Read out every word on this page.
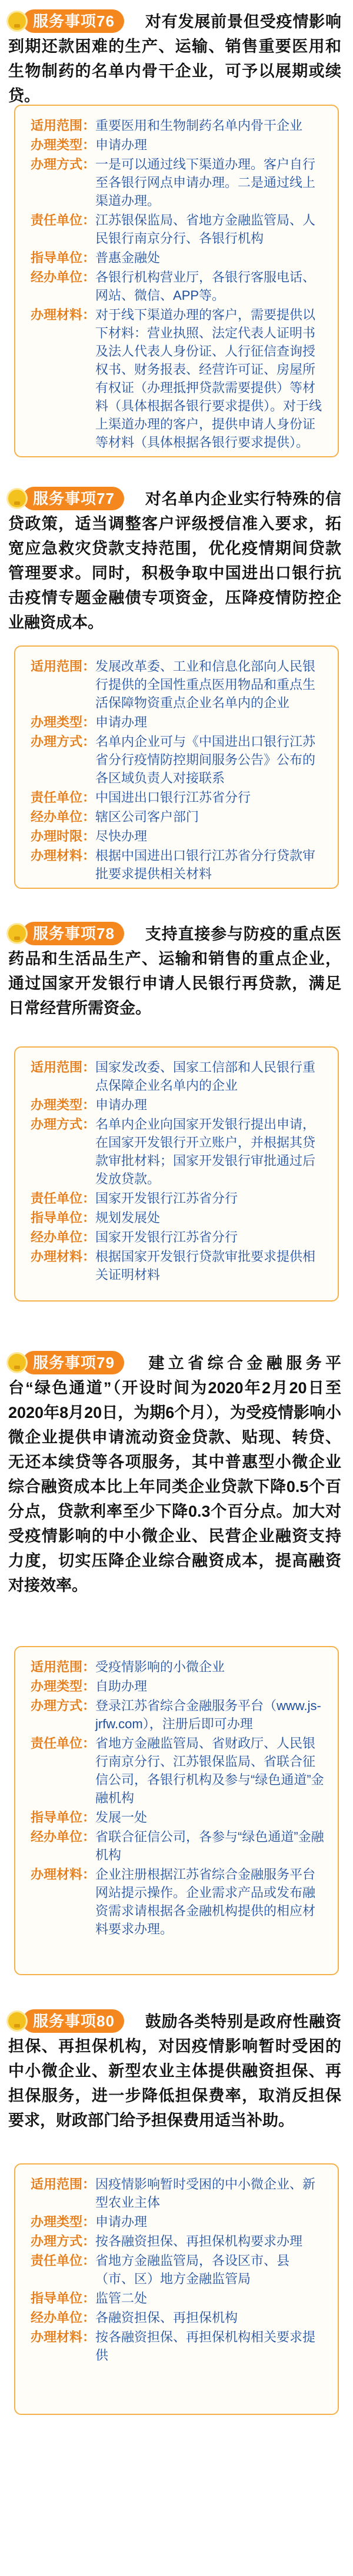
服务事项76	对有发展前景但受疫情影响到期还款困难的生产、运输、销售重要医用和生物制药的名单内骨干企业，可予以展期或续贷。
适用范围： 重要医用和生物制药名单内骨干企业
办理类型： 申请办理
办理方式： 一是可以通过线下渠道办理。客户自行至各银行网点申请办理。二是通过线上渠道办理。
责任单位： 江苏银保监局、省地方金融监管局、人民银行南京分行、各银行机构
指导单位： 普惠金融处
经办单位： 各银行机构营业厅，各银行客服电话、网站、微信、APP等。
办理材料： 对于线下渠道办理的客户，需要提供以下材料：营业执照、法定代表人证明书及法人代表人身份证、人行征信查询授权书、财务报表、经营许可证、房屋所有权证（办理抵押贷款需要提供）等材料（具体根据各银行要求提供）。对于线上渠道办理的客户，提供申请人身份证等材料（具体根据各银行要求提供）。
服务事项77	对名单内企业实行特殊的信贷政策，适当调整客户评级授信准入要求，拓宽应急救灾贷款支持范围，优化疫情期间贷款管理要求。同时，积极争取中国进出口银行抗击疫情专题金融债专项资金，压降疫情防控企业融资成本。
适用范围： 发展改革委、工业和信息化部向人民银行提供的全国性重点医用物品和重点生活保障物资重点企业名单内的企业
办理类型： 申请办理
办理方式： 名单内企业可与《中国进出口银行江苏省分行疫情防控期间服务公告》公布的各区域负责人对接联系
责任单位： 中国进出口银行江苏省分行
经办单位： 辖区公司客户部门
办理时限： 尽快办理
办理材料： 根据中国进出口银行江苏省分行贷款审批要求提供相关材料
服务事项78	支持直接参与防疫的重点医药品和生活品生产、运输和销售的重点企业，通过国家开发银行申请人民银行再贷款，满足日常经营所需资金。
适用范围： 国家发改委、国家工信部和人民银行重点保障企业名单内的企业
办理类型： 申请办理
办理方式： 名单内企业向国家开发银行提出申请，在国家开发银行开立账户，并根据其贷款审批材料；国家开发银行审批通过后发放贷款。
责任单位： 国家开发银行江苏省分行
指导单位： 规划发展处
经办单位： 国家开发银行江苏省分行
办理材料： 根据国家开发银行贷款审批要求提供相关证明材料
服务事项79	建立省综合金融服务平台“绿色通道”（开设时间为2020年2月20日至2020年8月20日，为期6个月），为受疫情影响小微企业提供申请流动资金贷款、贴现、转贷、无还本续贷等各项服务，其中普惠型小微企业综合融资成本比上年同类企业贷款下降0.5个百分点，贷款利率至少下降0.3个百分点。加大对受疫情影响的中小微企业、民营企业融资支持力度，切实压降企业综合融资成本，提高融资对接效率。
适用范围： 受疫情影响的小微企业
办理类型： 自助办理
办理方式： 登录江苏省综合金融服务平台（www.js-jrfw.com），注册后即可办理
责任单位： 省地方金融监管局、省财政厅、人民银行南京分行、江苏银保监局、省联合征信公司，各银行机构及参与“绿色通道”金融机构
指导单位： 发展一处
经办单位： 省联合征信公司，各参与“绿色通道”金融机构
办理材料： 企业注册根据江苏省综合金融服务平台网站提示操作。企业需求产品或发布融资需求请根据各金融机构提供的相应材料要求办理。
服务事项80	鼓励各类特别是政府性融资担保、再担保机构，对因疫情影响暂时受困的中小微企业、新型农业主体提供融资担保、再担保服务，进一步降低担保费率，取消反担保要求，财政部门给予担保费用适当补助。
适用范围： 因疫情影响暂时受困的中小微企业、新型农业主体
办理类型： 申请办理
办理方式： 按各融资担保、再担保机构要求办理
责任单位： 省地方金融监管局，各设区市、县（市、区）地方金融监管局
指导单位： 监管二处
经办单位： 各融资担保、再担保机构
办理材料： 按各融资担保、再担保机构相关要求提供
